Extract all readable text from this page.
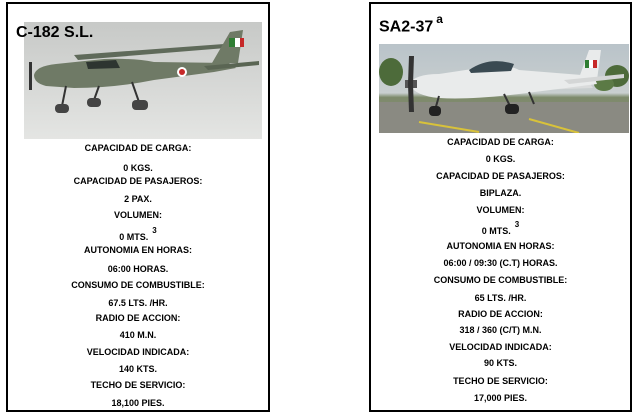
C-182 S.L.
CAPACIDAD DE CARGA:
0 KGS.
CAPACIDAD DE PASAJEROS:
2 PAX.
VOLUMEN:
0 MTS.$^3$
AUTONOMIA EN HORAS:
06:00 HORAS.
CONSUMO DE COMBUSTIBLE:
67.5 LTS. /HR.
RADIO DE ACCION:
410 M.N.
VELOCIDAD INDICADA:
140 KTS.
TECHO DE SERVICIO:
18,100 PIES.
SA2-37 $^a$
CAPACIDAD DE CARGA:
0 KGS.
CAPACIDAD DE PASAJEROS:
BIPLAZA.
VOLUMEN:
0 MTS.$^3$
AUTONOMIA EN HORAS:
06:00 / 09:30 (C.T) HORAS.
CONSUMO DE COMBUSTIBLE:
65 LTS. /HR.
RADIO DE ACCION:
318 / 360 (C/T) M.N.
VELOCIDAD INDICADA:
90 KTS.
TECHO DE SERVICIO:
17,000 PIES.
